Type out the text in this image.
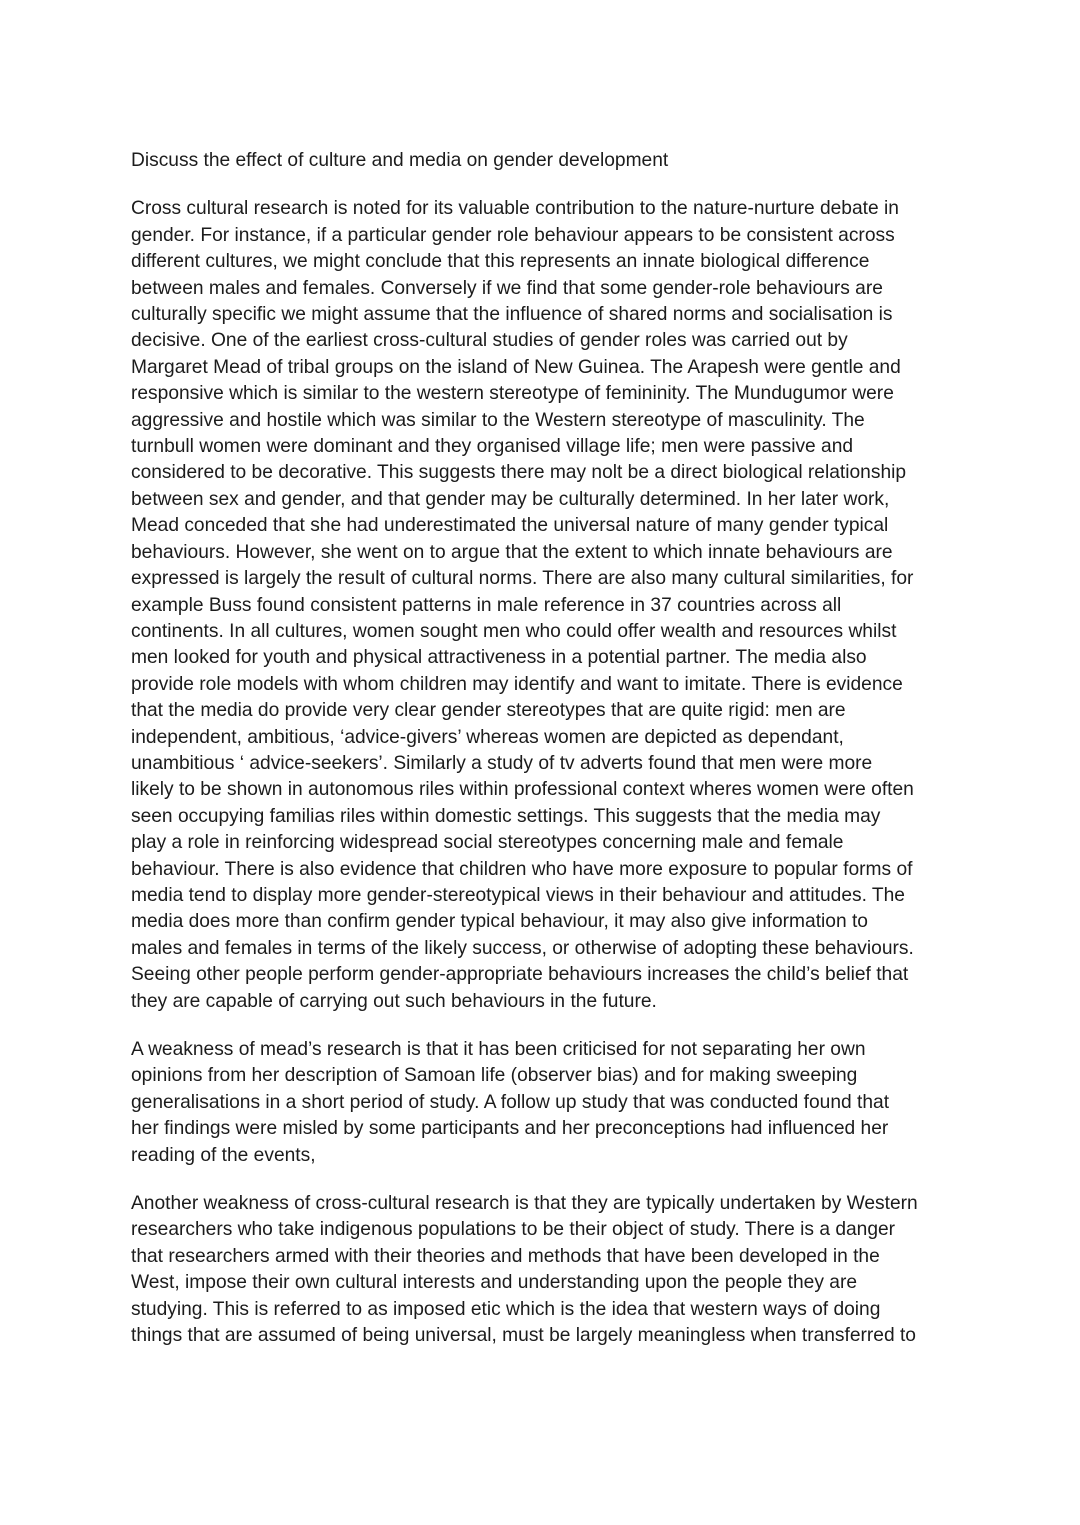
Discuss the effect of culture and media on gender development
Cross cultural research is noted for its valuable contribution to the nature-nurture debate in
gender. For instance, if a particular gender role behaviour appears to be consistent across
different cultures, we might conclude that this represents an innate biological difference
between males and females. Conversely if we find that some gender-role behaviours are
culturally specific we might assume that the influence of shared norms and socialisation is
decisive. One of the earliest cross-cultural studies of gender roles was carried out by
Margaret Mead of tribal groups on the island of New Guinea. The Arapesh were gentle and
responsive which is similar to the western stereotype of femininity. The Mundugumor were
aggressive and hostile which was similar to the Western stereotype of masculinity. The
turnbull women were dominant and they organised village life; men were passive and
considered to be decorative. This suggests there may nolt be a direct biological relationship
between sex and gender, and that gender may be culturally determined. In her later work,
Mead conceded that she had underestimated the universal nature of many gender typical
behaviours. However, she went on to argue that the extent to which innate behaviours are
expressed is largely the result of cultural norms. There are also many cultural similarities, for
example Buss found consistent patterns in male reference in 37 countries across all
continents. In all cultures, women sought men who could offer wealth and resources whilst
men looked for youth and physical attractiveness in a potential partner. The media also
provide role models with whom children may identify and want to imitate. There is evidence
that the media do provide very clear gender stereotypes that are quite rigid: men are
independent, ambitious, ‘advice-givers’ whereas women are depicted as dependant,
unambitious ‘ advice-seekers’. Similarly a study of tv adverts found that men were more
likely to be shown in autonomous riles within professional context wheres women were often
seen occupying familias riles within domestic settings. This suggests that the media may
play a role in reinforcing widespread social stereotypes concerning male and female
behaviour. There is also evidence that children who have more exposure to popular forms of
media tend to display more gender-stereotypical views in their behaviour and attitudes. The
media does more than confirm gender typical behaviour, it may also give information to
males and females in terms of the likely success, or otherwise of adopting these behaviours.
Seeing other people perform gender-appropriate behaviours increases the child’s belief that
they are capable of carrying out such behaviours in the future.
A weakness of mead’s research is that it has been criticised for not separating her own
opinions from her description of Samoan life (observer bias) and for making sweeping
generalisations in a short period of study. A follow up study that was conducted found that
her findings were misled by some participants and her preconceptions had influenced her
reading of the events,
Another weakness of cross-cultural research is that they are typically undertaken by Western
researchers who take indigenous populations to be their object of study. There is a danger
that researchers armed with their theories and methods that have been developed in the
West, impose their own cultural interests and understanding upon the people they are
studying. This is referred to as imposed etic which is the idea that western ways of doing
things that are assumed of being universal, must be largely meaningless when transferred to
